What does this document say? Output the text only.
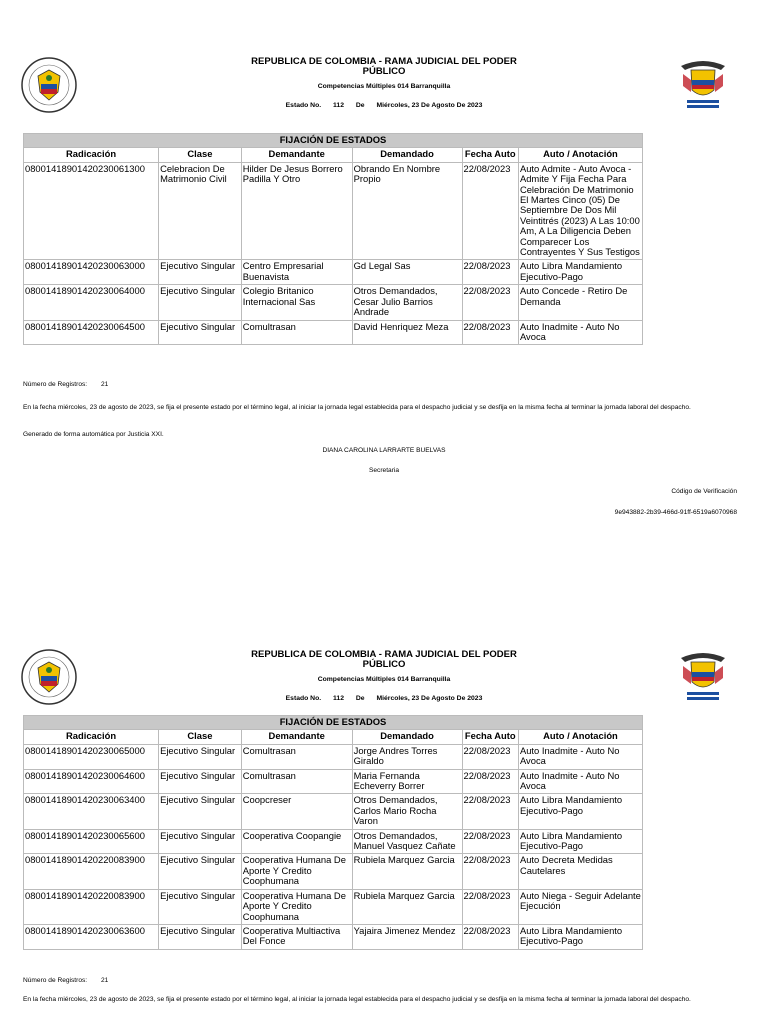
REPUBLICA DE COLOMBIA - RAMA JUDICIAL DEL PODER
PÚBLICO
Competencias Múltiples 014 Barranquilla
Estado No. 112 De Miércoles, 23 De Agosto De 2023
FIJACIÓN DE ESTADOS					
Radicación	Clase	Demandante	Demandado	Fecha Auto	Auto / Anotación
08001418901420230061300	Celebracion De Matrimonio Civil	Hilder De Jesus Borrero Padilla Y Otro	Obrando En Nombre Propio	22/08/2023	Auto Admite - Auto Avoca - Admite Y Fija Fecha Para Celebración De Matrimonio El Martes Cinco (05) De Septiembre De Dos Mil Veintitrés (2023) A Las 10:00 Am, A La Diligencia Deben Comparecer Los Contrayentes Y Sus Testigos
08001418901420230063000	Ejecutivo Singular	Centro Empresarial Buenavista	Gd Legal Sas	22/08/2023	Auto Libra Mandamiento Ejecutivo-Pago
08001418901420230064000	Ejecutivo Singular	Colegio Britanico Internacional Sas	Otros Demandados, Cesar Julio Barrios Andrade	22/08/2023	Auto Concede - Retiro De Demanda
08001418901420230064500	Ejecutivo Singular	Comultrasan	David Henriquez Meza	22/08/2023	Auto Inadmite - Auto No Avoca
Número de Registros: 21
En la fecha miércoles, 23 de agosto de 2023, se fija el presente estado por el término legal, al iniciar la jornada legal establecida para el despacho judicial y se desfija en la misma fecha al terminar la jornada laboral del despacho.
Generado de forma automática por Justicia XXI.
DIANA CAROLINA LARRARTE BUELVAS
Secretaria
Código de Verificación
9e943882-2b39-466d-91ff-6519a6070968
REPUBLICA DE COLOMBIA - RAMA JUDICIAL DEL PODER
PÚBLICO
Competencias Múltiples 014 Barranquilla
Estado No. 112 De Miércoles, 23 De Agosto De 2023
FIJACIÓN DE ESTADOS					
Radicación	Clase	Demandante	Demandado	Fecha Auto	Auto / Anotación
08001418901420230065000	Ejecutivo Singular	Comultrasan	Jorge Andres Torres Giraldo	22/08/2023	Auto Inadmite - Auto No Avoca
08001418901420230064600	Ejecutivo Singular	Comultrasan	Maria Fernanda Echeverry Borrer	22/08/2023	Auto Inadmite - Auto No Avoca
08001418901420230063400	Ejecutivo Singular	Coopcreser	Otros Demandados, Carlos Mario Rocha Varon	22/08/2023	Auto Libra Mandamiento Ejecutivo-Pago
08001418901420230065600	Ejecutivo Singular	Cooperativa Coopangie	Otros Demandados, Manuel Vasquez Cañate	22/08/2023	Auto Libra Mandamiento Ejecutivo-Pago
08001418901420220083900	Ejecutivo Singular	Cooperativa Humana De Aporte Y Credito Coophumana	Rubiela Marquez Garcia	22/08/2023	Auto Decreta Medidas Cautelares
08001418901420220083900	Ejecutivo Singular	Cooperativa Humana De Aporte Y Credito Coophumana	Rubiela Marquez Garcia	22/08/2023	Auto Niega - Seguir Adelante Ejecución
08001418901420230063600	Ejecutivo Singular	Cooperativa Multiactiva Del Fonce	Yajaira Jimenez Mendez	22/08/2023	Auto Libra Mandamiento Ejecutivo-Pago
Número de Registros: 21
En la fecha miércoles, 23 de agosto de 2023, se fija el presente estado por el término legal, al iniciar la jornada legal establecida para el despacho judicial y se desfija en la misma fecha al terminar la jornada laboral del despacho.
